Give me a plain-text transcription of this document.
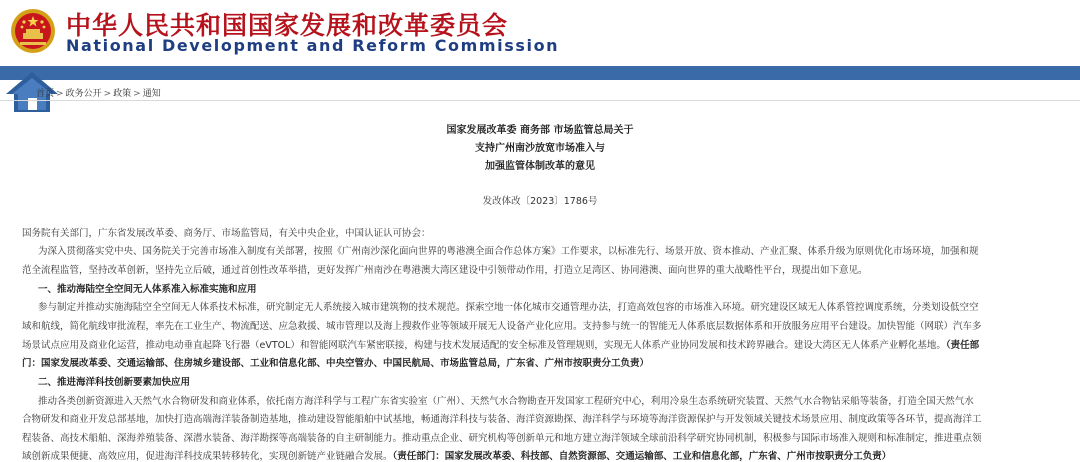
中华人民共和国国家发展和改革委员会
National Development and Reform Commission
首页 > 政务公开 > 政策 > 通知
国家发展改革委 商务部 市场监管总局关于
支持广州南沙放宽市场准入与
加强监管体制改革的意见
发改体改〔2023〕1786号
国务院有关部门，广东省发展改革委、商务厅、市场监管局，有关中央企业，中国认证认可协会：
为深入贯彻落实党中央、国务院关于完善市场准入制度有关部署，按照《广州南沙深化面向世界的粤港澳全面合作总体方案》工作要求，以标准先行、场景开放、资本推动、产业汇聚、体系升级为原则优化市场环境，加强和规
范全流程监管，坚持改革创新，坚持先立后破，通过首创性改革举措，更好发挥广州南沙在粤港澳大湾区建设中引领带动作用，打造立足湾区、协同港澳、面向世界的重大战略性平台，现提出如下意见。
一、推动海陆空全空间无人体系准入标准实施和应用
参与制定并推动实施海陆空全空间无人体系技术标准，研究制定无人系统接入城市建筑物的技术规范。探索空地一体化城市交通管理办法，打造高效包容的市场准入环境。研究建设区域无人体系管控调度系统，分类划设低空空
域和航线，简化航线审批流程，率先在工业生产、物流配送、应急救援、城市管理以及海上搜救作业等领域开展无人设备产业化应用。支持参与统一的智能无人体系底层数据体系和开放服务应用平台建设。加快智能（网联）汽车多
场景试点应用及商业化运营，推动电动垂直起降飞行器（eVTOL）和智能网联汽车紧密联接，构建与技术发展适配的安全标准及管理规则，实现无人体系产业协同发展和技术跨界融合。建设大湾区无人体系产业孵化基地。（责任部
门：国家发展改革委、交通运输部、住房城乡建设部、工业和信息化部、中央空管办、中国民航局、市场监管总局，广东省、广州市按职责分工负责）
二、推进海洋科技创新要素加快应用
推动各类创新资源进入天然气水合物研发和商业体系，依托南方海洋科学与工程广东省实验室（广州）、天然气水合物勘查开发国家工程研究中心，利用冷泉生态系统研究装置、天然气水合物钻采船等装备，打造全国天然气水
合物研发和商业开发总部基地，加快打造高端海洋装备制造基地，推动建设智能船舶中试基地，畅通海洋科技与装备、海洋资源勘探、海洋科学与环境等海洋资源保护与开发领域关键技术场景应用、制度政策等各环节，提高海洋工
程装备、高技术船舶、深海养殖装备、深潜水装备、海洋勘探等高端装备的自主研制能力。推动重点企业、研究机构等创新单元和地方建立海洋领域全球前沿科学研究协同机制，积极参与国际市场准入规则和标准制定，推进重点领
域创新成果便捷、高效应用，促进海洋科技成果转移转化，实现创新链产业链融合发展。（责任部门：国家发展改革委、科技部、自然资源部、交通运输部、工业和信息化部，广东省、广州市按职责分工负责）
